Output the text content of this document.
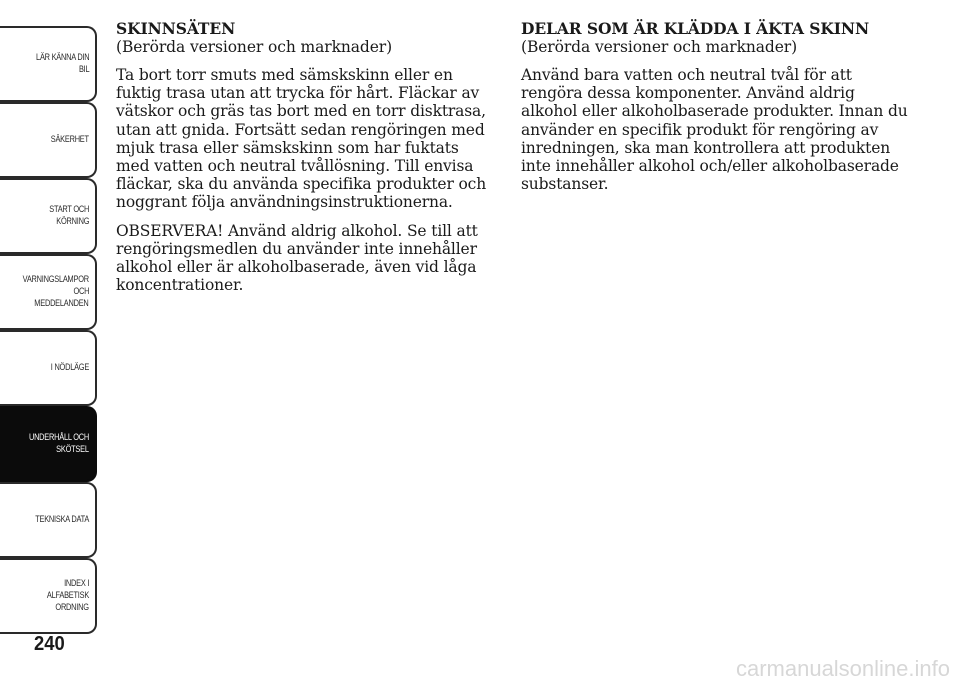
LÄR KÄNNA DIN
BIL
SÄKERHET
START OCH
KÖRNING
VARNINGSLAMPOR
OCH
MEDDELANDEN
I NÖDLÄGE
UNDERHÅLL OCH
SKÖTSEL
TEKNISKA DATA
INDEX I
ALFABETISK
ORDNING
240
SKINNSÄTEN
(Berörda versioner och marknader)

Ta bort torr smuts med sämskskinn eller en fuktig trasa utan att trycka för hårt. Fläckar av vätskor och gräs tas bort med en torr disktrasa, utan att gnida. Fortsätt sedan rengöringen med mjuk trasa eller sämskskinn som har fuktats med vatten och neutral tvållösning. Till envisa fläckar, ska du använda specifika produkter och noggrant följa användningsinstruktionerna.

OBSERVERA! Använd aldrig alkohol. Se till att rengöringsmedlen du använder inte innehåller alkohol eller är alkoholbaserade, även vid låga koncentrationer.

DELAR SOM ÄR KLÄDDA I ÄKTA SKINN
(Berörda versioner och marknader)

Använd bara vatten och neutral tvål för att rengöra dessa komponenter. Använd aldrig alkohol eller alkoholbaserade produkter. Innan du använder en specifik produkt för rengöring av inredningen, ska man kontrollera att produkten inte innehåller alkohol och/eller alkoholbaserade substanser.

carmanualsonline.info
